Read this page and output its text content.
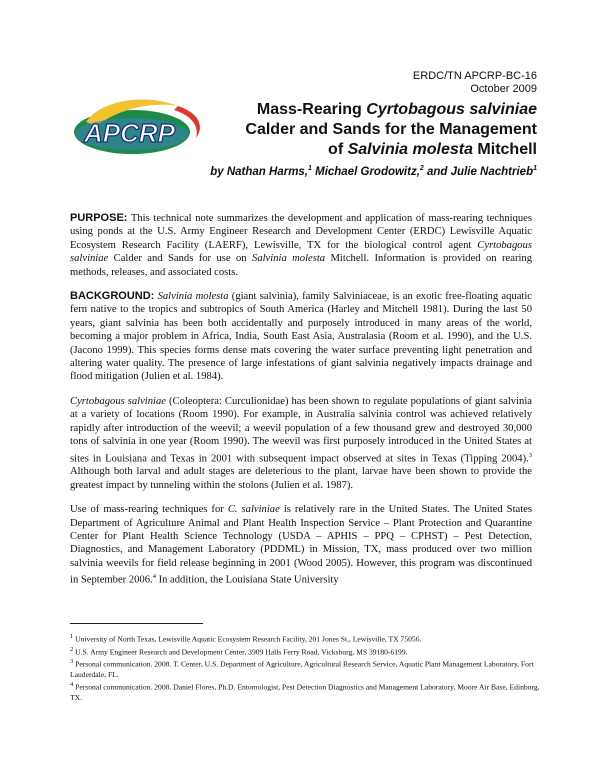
APCRP
ERDC/TN APCRP-BC-16
October 2009
Mass-Rearing Cyrtobagous salviniae
Calder and Sands for the Management
of Salvinia molesta Mitchell
by Nathan Harms,$^1$ Michael Grodowitz,$^2$ and Julie Nachtrieb$^1$

PURPOSE: This technical note summarizes the development and application of mass-rearing techniques using ponds at the U.S. Army Engineer Research and Development Center (ERDC) Lewisville Aquatic Ecosystem Research Facility (LAERF), Lewisville, TX for the biological control agent Cyrtobagous salviniae Calder and Sands for use on Salvinia molesta Mitchell. Information is provided on rearing methods, releases, and associated costs.

BACKGROUND: Salvinia molesta (giant salvinia), family Salviniaceae, is an exotic free-floating aquatic fern native to the tropics and subtropics of South America (Harley and Mitchell 1981). During the last 50 years, giant salvinia has been both accidentally and purposely introduced in many areas of the world, becoming a major problem in Africa, India, South East Asia, Australasia (Room et al. 1990), and the U.S. (Jacono 1999). This species forms dense mats covering the water surface preventing light penetration and altering water quality. The presence of large infestations of giant salvinia negatively impacts drainage and flood mitigation (Julien et al. 1984).

Cyrtobagous salviniae (Coleoptera: Curculionidae) has been shown to regulate populations of giant salvinia at a variety of locations (Room 1990). For example, in Australia salvinia control was achieved relatively rapidly after introduction of the weevil; a weevil population of a few thousand grew and destroyed 30,000 tons of salvinia in one year (Room 1990). The weevil was first purposely introduced in the United States at sites in Louisiana and Texas in 2001 with subsequent impact observed at sites in Texas (Tipping 2004).$^3$ Although both larval and adult stages are deleterious to the plant, larvae have been shown to provide the greatest impact by tunneling within the stolons (Julien et al. 1987).

Use of mass-rearing techniques for C. salviniae is relatively rare in the United States. The United States Department of Agriculture Animal and Plant Health Inspection Service – Plant Protection and Quarantine Center for Plant Health Science Technology (USDA – APHIS – PPQ – CPHST) – Pest Detection, Diagnostics, and Management Laboratory (PDDML) in Mission, TX, mass produced over two million salvinia weevils for field release beginning in 2001 (Wood 2005). However, this program was discontinued in September 2006.$^4$ In addition, the Louisiana State University

$^1$ University of North Texas, Lewisville Aquatic Ecosystem Research Facility, 201 Jones St., Lewisville, TX 75056.
$^2$ U.S. Army Engineer Research and Development Center, 3909 Halls Ferry Road, Vicksburg, MS 39180-6199.
$^3$ Personal communication. 2008. T. Center, U.S. Department of Agriculture, Agricultural Research Service, Aquatic Plant Management Laboratory, Fort Lauderdale, FL.
$^4$ Personal communication. 2008. Daniel Flores, Ph.D. Entomologist, Pest Detection Diagnostics and Management Laboratory, Moore Air Base, Edinburg, TX.
